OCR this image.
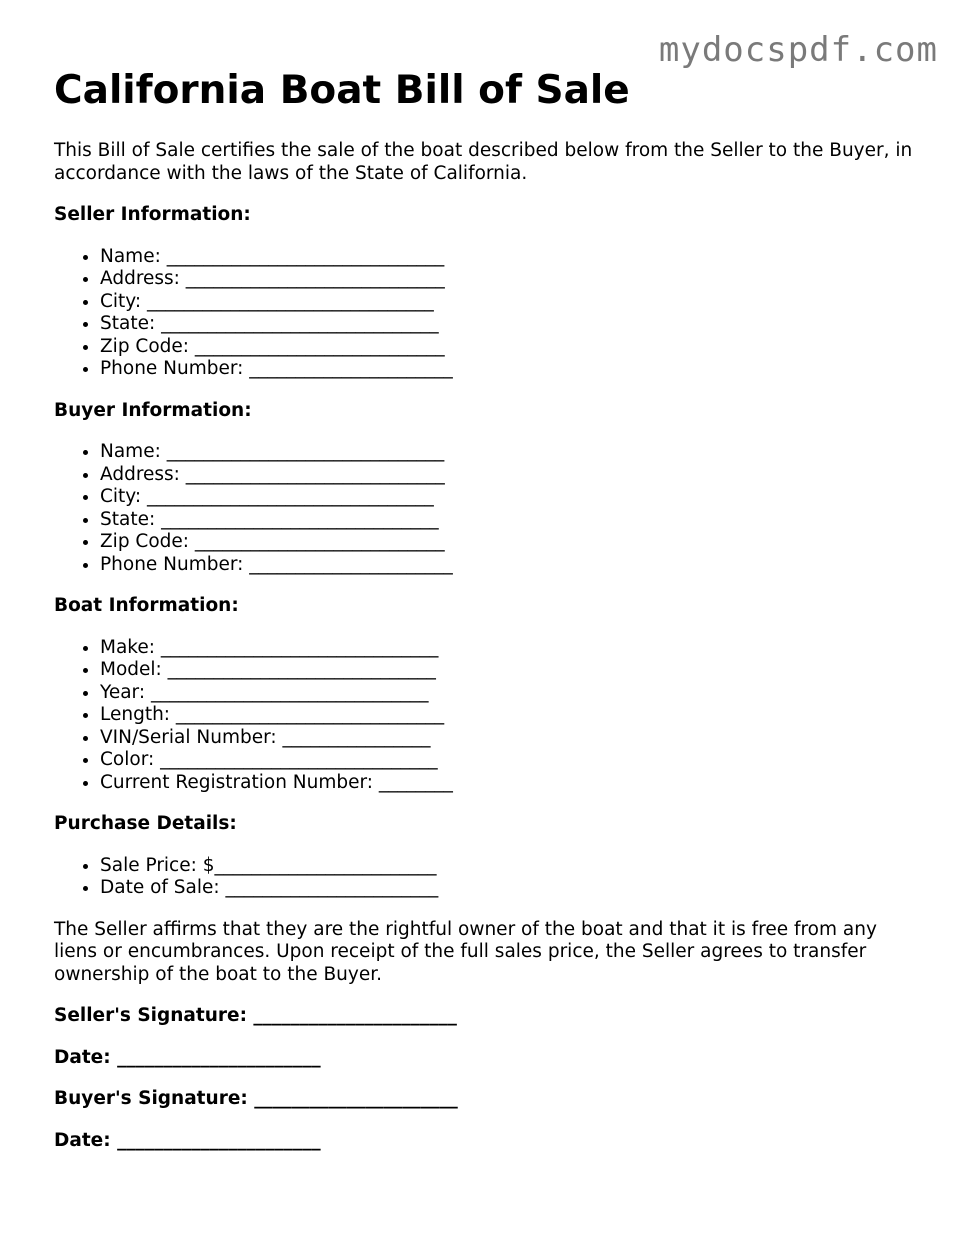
mydocspdf.com
California Boat Bill of Sale

This Bill of Sale certifies the sale of the boat described below from the Seller to the Buyer, in accordance with the laws of the State of California.

Seller Information:

• Name: ______________________________
• Address: ____________________________
• City: _______________________________
• State: ______________________________
• Zip Code: ___________________________
• Phone Number: ______________________

Buyer Information:

• Name: ______________________________
• Address: ____________________________
• City: _______________________________
• State: ______________________________
• Zip Code: ___________________________
• Phone Number: ______________________

Boat Information:

• Make: ______________________________
• Model: _____________________________
• Year: ______________________________
• Length: _____________________________
• VIN/Serial Number: ________________
• Color: ______________________________
• Current Registration Number: ________

Purchase Details:

• Sale Price: $________________________
• Date of Sale: _______________________

The Seller affirms that they are the rightful owner of the boat and that it is free from any liens or encumbrances. Upon receipt of the full sales price, the Seller agrees to transfer ownership of the boat to the Buyer.

Seller's Signature: ______________________

Date: ______________________

Buyer's Signature: ______________________

Date: ______________________
